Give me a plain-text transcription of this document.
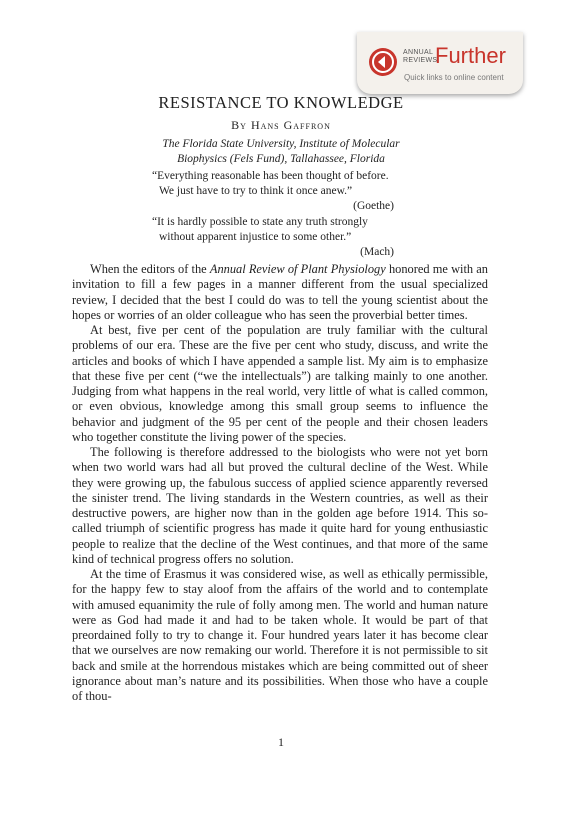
ANNUAL
REVIEWS
Further
Quick links to online content
RESISTANCE TO KNOWLEDGE
By Hans Gaffron
The Florida State University, Institute of Molecular
Biophysics (Fels Fund), Tallahassee, Florida

“Everything reasonable has been thought of before.

We just have to try to think it once anew.”

(Goethe)

“It is hardly possible to state any truth strongly

without apparent injustice to some other.”

(Mach)

When the editors of the Annual Review of Plant Physiology honored me with an invitation to fill a few pages in a manner different from the usual specialized review, I decided that the best I could do was to tell the young scientist about the hopes or worries of an older colleague who has seen the proverbial better times.

At best, five per cent of the population are truly familiar with the cultural problems of our era. These are the five per cent who study, discuss, and write the articles and books of which I have appended a sample list. My aim is to emphasize that these five per cent (“we the intellectuals”) are talking mainly to one another. Judging from what happens in the real world, very little of what is called common, or even obvious, knowledge among this small group seems to influence the behavior and judgment of the 95 per cent of the people and their chosen leaders who together constitute the living power of the species.

The following is therefore addressed to the biologists who were not yet born when two world wars had all but proved the cultural decline of the West. While they were growing up, the fabulous success of applied science apparently reversed the sinister trend. The living standards in the Western countries, as well as their destructive powers, are higher now than in the golden age before 1914. This so-called triumph of scientific progress has made it quite hard for young enthusiastic people to realize that the decline of the West continues, and that more of the same kind of technical progress offers no solution.

At the time of Erasmus it was considered wise, as well as ethically permissible, for the happy few to stay aloof from the affairs of the world and to contemplate with amused equanimity the rule of folly among men. The world and human nature were as God had made it and had to be taken whole. It would be part of that preordained folly to try to change it. Four hundred years later it has become clear that we ourselves are now remaking our world. Therefore it is not permissible to sit back and smile at the horrendous mistakes which are being committed out of sheer ignorance about man’s nature and its possibilities. When those who have a couple of thou-

1
